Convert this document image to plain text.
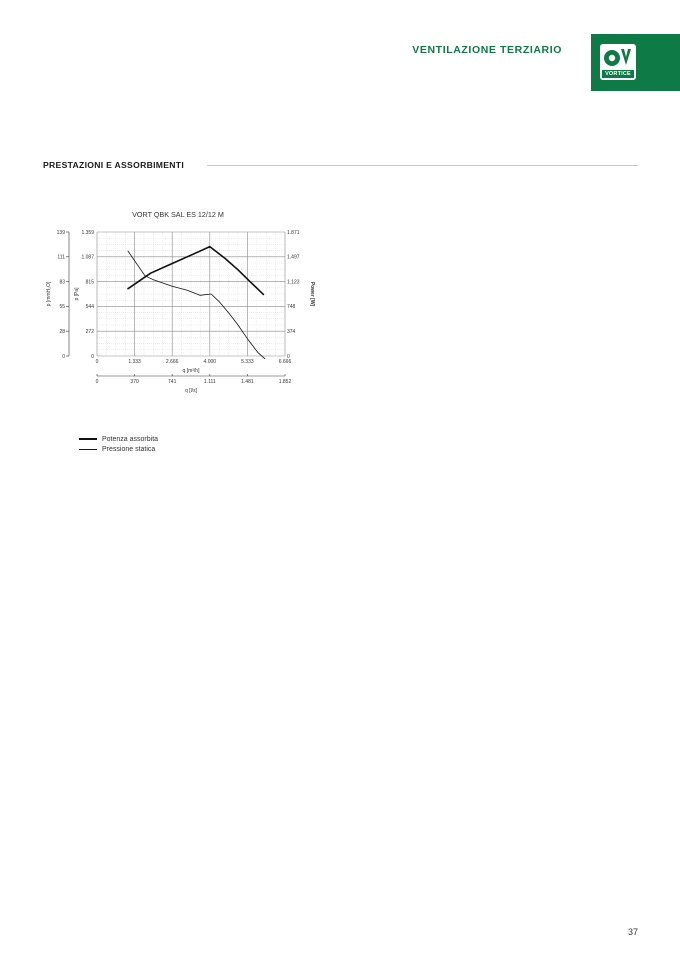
VENTILAZIONE TERZIARIO
VORTICE
PRESTAZIONI E ASSORBIMENTI
VORT QBK SAL ES 12/12 M
0
28
55
83
111
139
0
272
544
815
1.087
1.359
0
374
748
1.123
1.497
1.871
0	1.333	2.666	4.000	5.333	6.666
0	370	741	1.111	1.481	1.852
q [m³/h]
q [l/s]
p [mmH₂O]	p [Pa]	Power [W]
Potenza assorbita
Pressione statica
37
